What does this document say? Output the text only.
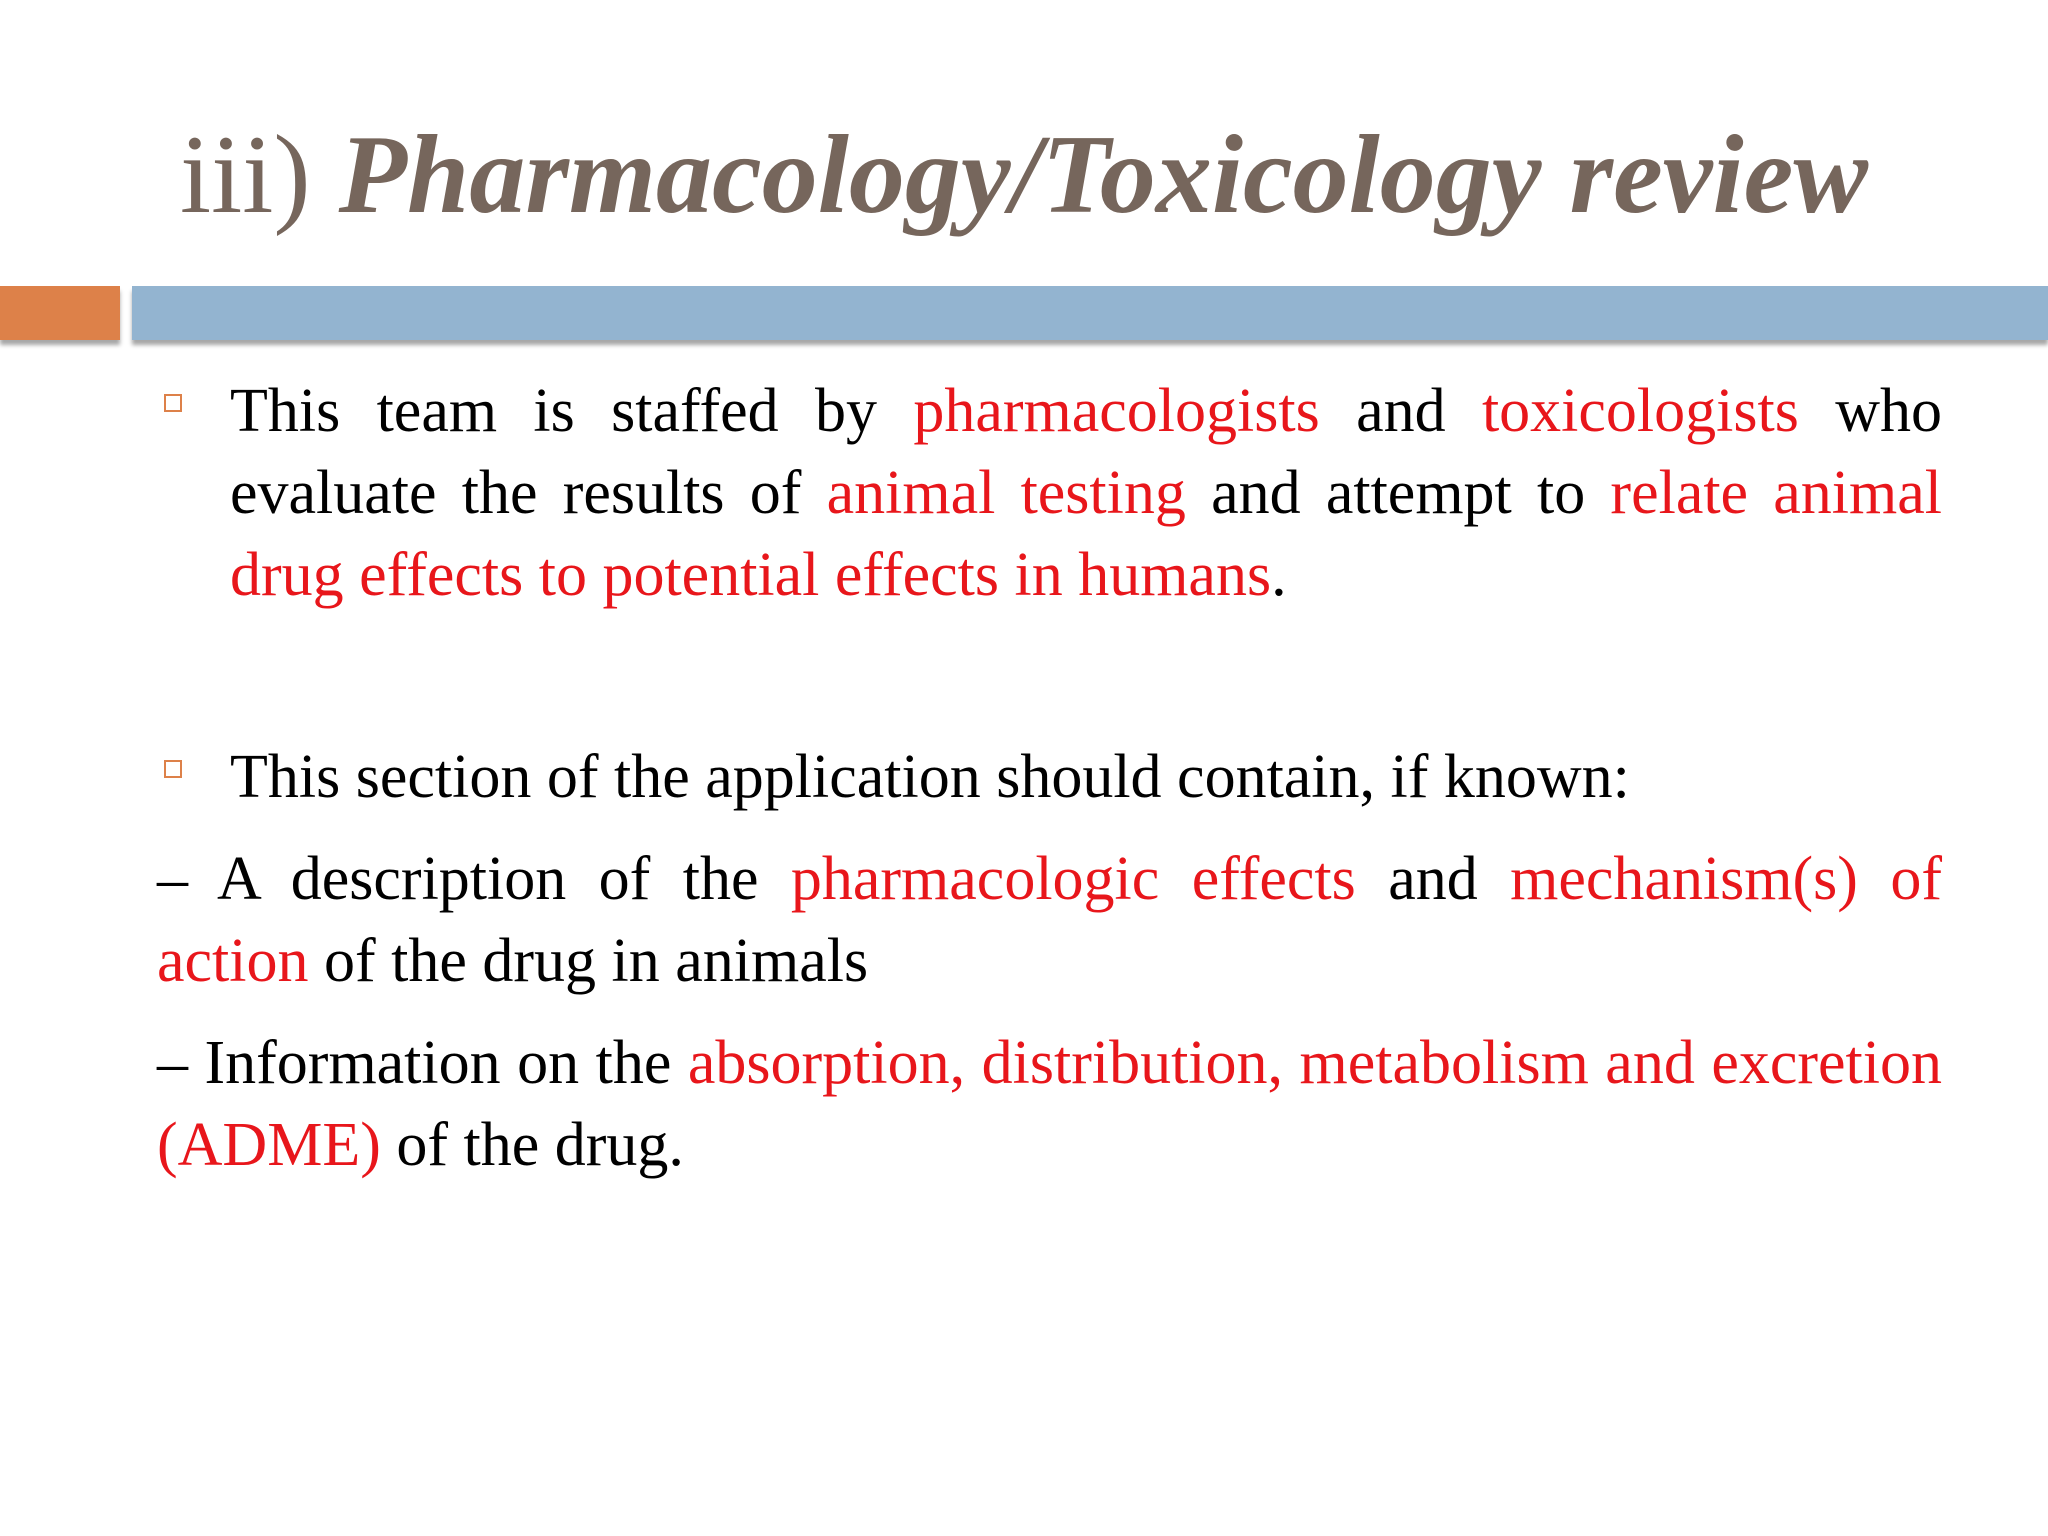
iii) Pharmacology/Toxicology review
This team is staffed by pharmacologists and toxicologists who evaluate the results of animal testing and attempt to relate animal drug effects to potential effects in humans.
This section of the application should contain, if known:
– A description of the pharmacologic effects and mechanism(s) of action of the drug in animals
– Information on the absorption, distribution, metabolism and excretion (ADME) of the drug.
